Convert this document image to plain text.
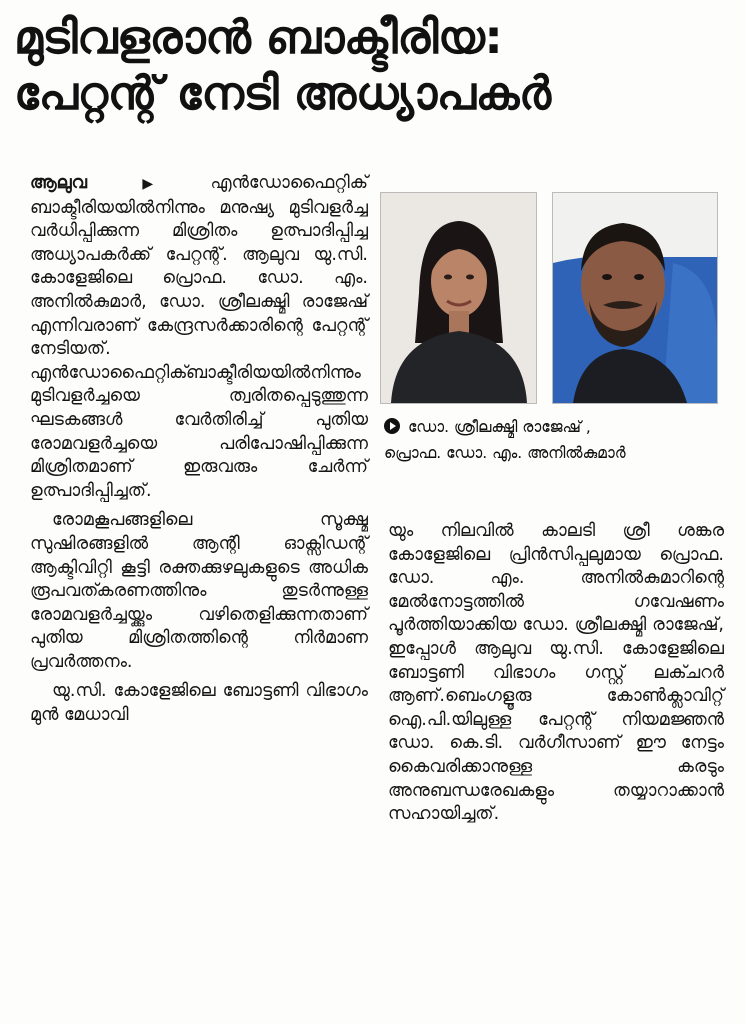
മുടിവളരാൻ ബാക്ടീരിയ:
പേറ്റന്റ് നേടി അധ്യാപകർ

ആലുവ ▶ എൻഡോഫൈറ്റിക് ബാക്ടീരിയയിൽനിന്നും മനുഷ്യ മുടിവളർച്ച വർധിപ്പിക്കുന്ന മിശ്രിതം ഉത്പാദിപ്പിച്ച അധ്യാപകർക്ക് പേറ്റന്റ്. ആലുവ യു.സി. കോളേജിലെ പ്രൊഫ. ഡോ. എം. അനിൽകുമാർ, ഡോ. ശ്രീലക്ഷ്മി രാജേഷ് എന്നിവരാണ് കേന്ദ്രസർക്കാരിന്റെ പേറ്റന്റ് നേടിയത്. എൻഡോഫൈറ്റിക്ബാക്ടീരിയയിൽനിന്നും മുടിവളർച്ചയെ ത്വരിതപ്പെടുത്തുന്ന ഘടകങ്ങൾ വേർതിരിച്ച് പുതിയ രോമവളർച്ചയെ പരിപോഷിപ്പിക്കുന്ന മിശ്രിതമാണ് ഇരുവരും ചേർന്ന് ഉത്പാദിപ്പിച്ചത്.

രോമകൂപങ്ങളിലെ സൂക്ഷ്മ സുഷിരങ്ങളിൽ ആന്റി ഓക്സിഡന്റ് ആക്ടിവിറ്റി കൂട്ടി രക്തക്കുഴലുകളുടെ അധിക രൂപവത്കരണത്തിനും തുടർന്നുള്ള രോമവളർച്ചയ്ക്കും വഴിതെളിക്കുന്നതാണ് പുതിയ മിശ്രിതത്തിന്റെ നിർമാണ പ്രവർത്തനം.

യു.സി. കോളേജിലെ ബോട്ടണി വിഭാഗം മുൻ മേധാവി

ഡോ. ശ്രീലക്ഷ്മി രാജേഷ് ,
പ്രൊഫ. ഡോ. എം. അനിൽകുമാർ

യും നിലവിൽ കാലടി ശ്രീ ശങ്കര കോളേജിലെ പ്രിൻസിപ്പലുമായ പ്രൊഫ. ഡോ. എം. അനിൽകുമാറിന്റെ മേൽനോട്ടത്തിൽ ഗവേഷണം പൂർത്തിയാക്കിയ ഡോ. ശ്രീലക്ഷ്മി രാജേഷ്, ഇപ്പോൾ ആലുവ യു.സി. കോളേജിലെ ബോട്ടണി വിഭാഗം ഗസ്റ്റ് ലക്ചറർ ആണ്.ബെംഗളൂരു കോൺക്ലാവിറ്റ് ഐ.പി.യിലുള്ള പേറ്റന്റ് നിയമജ്ഞൻ ഡോ. കെ.ടി. വർഗീസാണ് ഈ നേട്ടം കൈവരിക്കാനുള്ള കരടും അനുബന്ധരേഖകളും തയ്യാറാക്കാൻ സഹായിച്ചത്.
